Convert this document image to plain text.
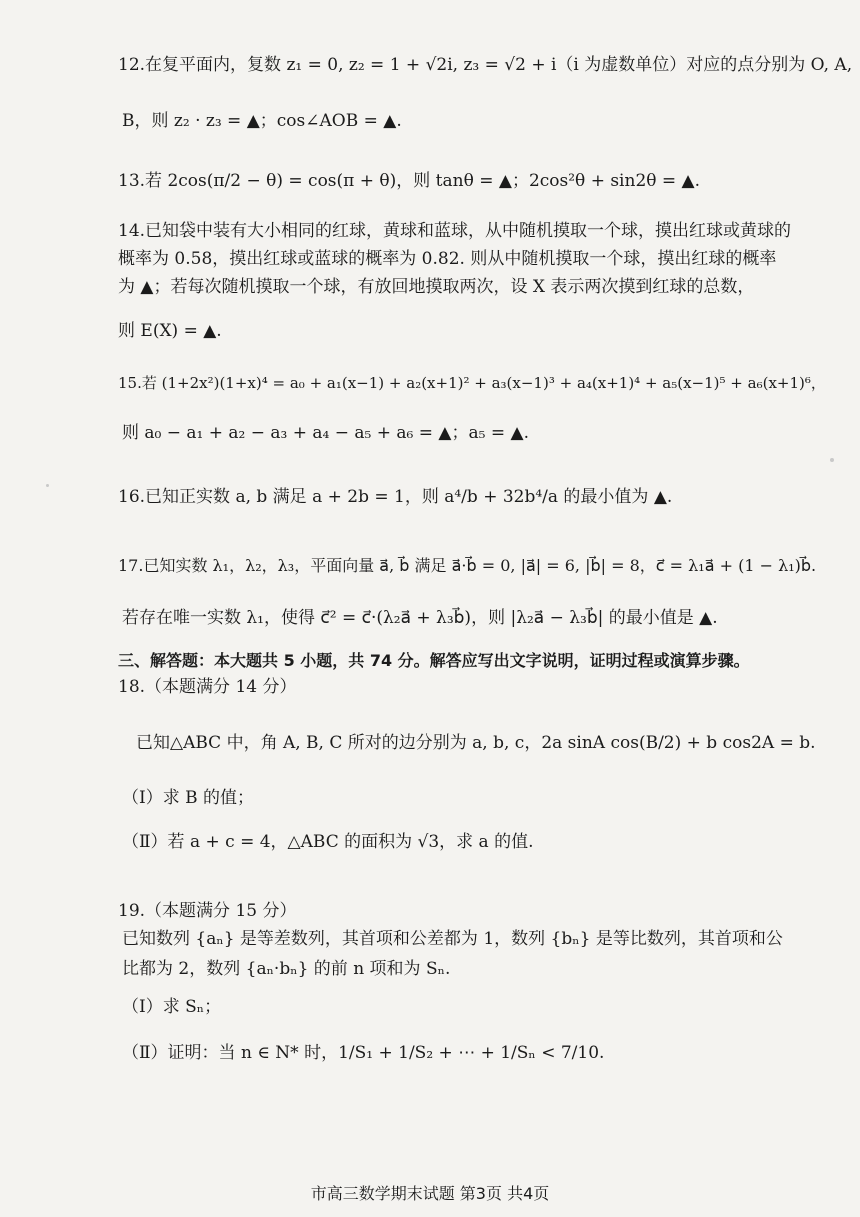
12.在复平面内，复数 z₁ = 0, z₂ = 1 + √2i, z₃ = √2 + i（i 为虚数单位）对应的点分别为 O, A,
B，则 z₂ · z₃ = ▲；cos∠AOB = ▲.
13.若 2cos(π/2 − θ) = cos(π + θ)，则 tanθ = ▲；2cos²θ + sin2θ = ▲.
14.已知袋中装有大小相同的红球，黄球和蓝球，从中随机摸取一个球，摸出红球或黄球的
概率为 0.58，摸出红球或蓝球的概率为 0.82. 则从中随机摸取一个球，摸出红球的概率
为 ▲；若每次随机摸取一个球，有放回地摸取两次，设 X 表示两次摸到红球的总数，
则 E(X) = ▲.
15.若 (1+2x²)(1+x)⁴ = a₀ + a₁(x−1) + a₂(x+1)² + a₃(x−1)³ + a₄(x+1)⁴ + a₅(x−1)⁵ + a₆(x+1)⁶，
则 a₀ − a₁ + a₂ − a₃ + a₄ − a₅ + a₆ = ▲；a₅ = ▲.
16.已知正实数 a, b 满足 a + 2b = 1，则 a⁴/b + 32b⁴/a 的最小值为 ▲.
17.已知实数 λ₁，λ₂，λ₃，平面向量 a⃗, b⃗ 满足 a⃗·b⃗ = 0, |a⃗| = 6, |b⃗| = 8，c⃗ = λ₁a⃗ + (1 − λ₁)b⃗.
若存在唯一实数 λ₁，使得 c⃗² = c⃗·(λ₂a⃗ + λ₃b⃗)，则 |λ₂a⃗ − λ₃b⃗| 的最小值是 ▲.
三、解答题：本大题共 5 小题，共 74 分。解答应写出文字说明，证明过程或演算步骤。
18.（本题满分 14 分）
已知△ABC 中，角 A, B, C 所对的边分别为 a, b, c，2a sinA cos(B/2) + b cos2A = b.
（Ⅰ）求 B 的值；
（Ⅱ）若 a + c = 4，△ABC 的面积为 √3，求 a 的值.
19.（本题满分 15 分）
已知数列 {aₙ} 是等差数列，其首项和公差都为 1，数列 {bₙ} 是等比数列，其首项和公
比都为 2，数列 {aₙ·bₙ} 的前 n 项和为 Sₙ.
（Ⅰ）求 Sₙ；
（Ⅱ）证明：当 n ∈ N* 时，1/S₁ + 1/S₂ + ⋯ + 1/Sₙ < 7/10.
市高三数学期末试题 第3页 共4页
